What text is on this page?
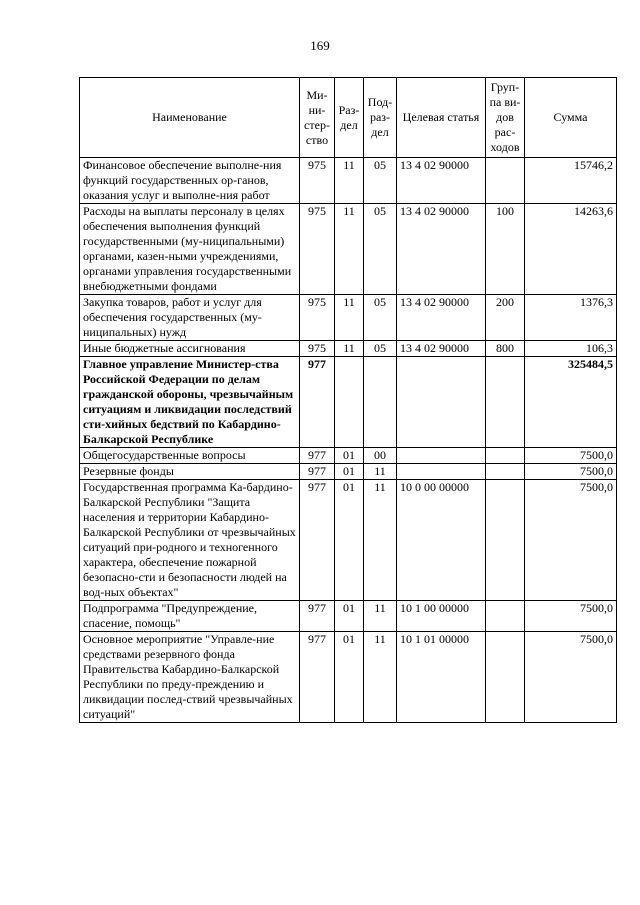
169
Наименование	Ми-ни-стер-ство	Раз-дел	Под-раз-дел	Целевая статья	Груп-па ви-дов рас-ходов	Сумма
Финансовое обеспечение выполне-ния функций государственных ор-ганов, оказания услуг и выполне-ния работ	975	11	05	13 4 02 90000		15746,2
Расходы на выплаты персоналу в целях обеспечения выполнения функций государственными (му-ниципальными) органами, казен-ными учреждениями, органами управления государственными внебюджетными фондами	975	11	05	13 4 02 90000	100	14263,6
Закупка товаров, работ и услуг для обеспечения государственных (му-ниципальных) нужд	975	11	05	13 4 02 90000	200	1376,3
Иные бюджетные ассигнования	975	11	05	13 4 02 90000	800	106,3
Главное управление Министер-ства Российской Федерации по делам гражданской обороны, чрезвычайным ситуациям и ликвидации последствий сти-хийных бедствий по Кабардино-Балкарской Республике	977					325484,5
Общегосударственные вопросы	977	01	00			7500,0
Резервные фонды	977	01	11			7500,0
Государственная программа Ка-бардино-Балкарской Республики "Защита населения и территории Кабардино-Балкарской Республики от чрезвычайных ситуаций при-родного и техногенного характера, обеспечение пожарной безопасно-сти и безопасности людей на вод-ных объектах"	977	01	11	10 0 00 00000		7500,0
Подпрограмма "Предупреждение, спасение, помощь"	977	01	11	10 1 00 00000		7500,0
Основное мероприятие "Управле-ние средствами резервного фонда Правительства Кабардино-Балкарской Республики по преду-преждению и ликвидации послед-ствий чрезвычайных ситуаций"	977	01	11	10 1 01 00000		7500,0
